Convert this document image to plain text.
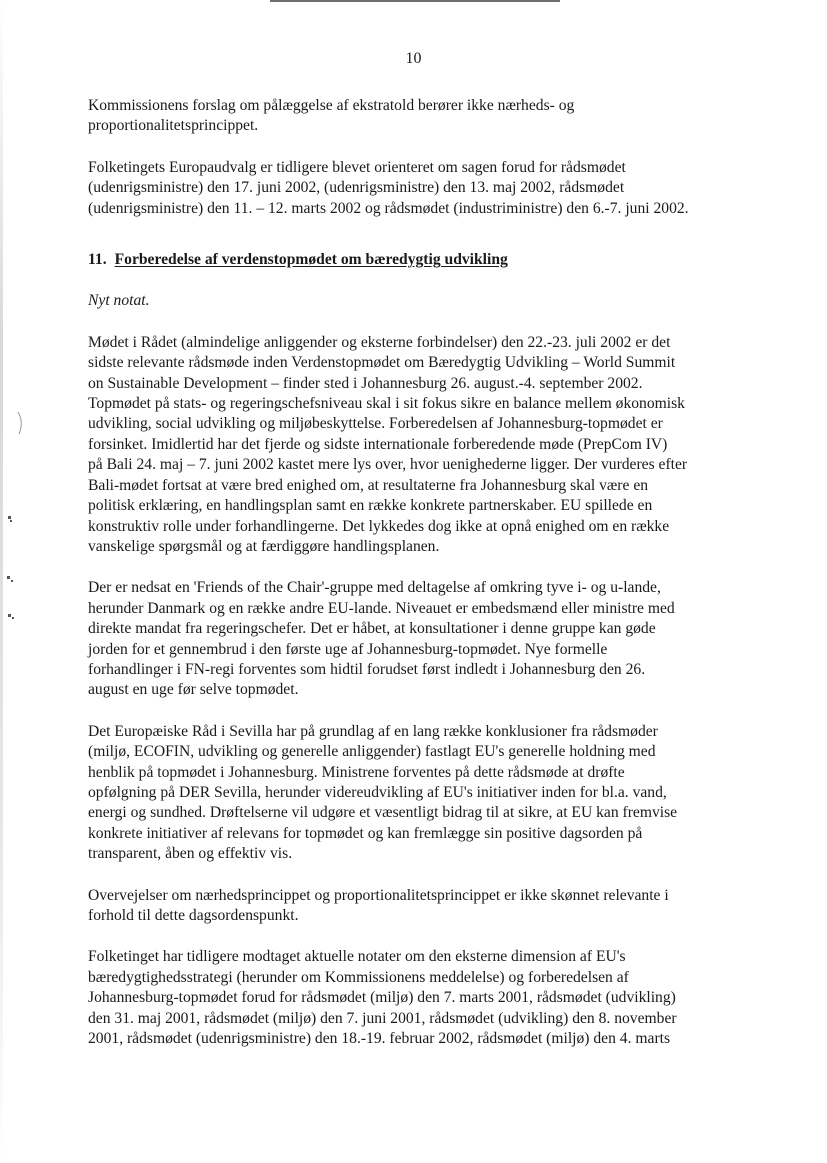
10

Kommissionens forslag om pålæggelse af ekstratold berører ikke nærheds- og
proportionalitetsprincippet.

Folketingets Europaudvalg er tidligere blevet orienteret om sagen forud for rådsmødet
(udenrigsministre) den 17. juni 2002, (udenrigsministre) den 13. maj 2002, rådsmødet
(udenrigsministre) den 11. – 12. marts 2002 og rådsmødet (industriministre) den 6.-7. juni 2002.

11. Forberedelse af verdenstopmødet om bæredygtig udvikling

Nyt notat.

Mødet i Rådet (almindelige anliggender og eksterne forbindelser) den 22.-23. juli 2002 er det
sidste relevante rådsmøde inden Verdenstopmødet om Bæredygtig Udvikling – World Summit
on Sustainable Development – finder sted i Johannesburg 26. august.-4. september 2002.
Topmødet på stats- og regeringschefsniveau skal i sit fokus sikre en balance mellem økonomisk
udvikling, social udvikling og miljøbeskyttelse. Forberedelsen af Johannesburg-topmødet er
forsinket. Imidlertid har det fjerde og sidste internationale forberedende møde (PrepCom IV)
på Bali 24. maj – 7. juni 2002 kastet mere lys over, hvor uenighederne ligger. Der vurderes efter
Bali-mødet fortsat at være bred enighed om, at resultaterne fra Johannesburg skal være en
politisk erklæring, en handlingsplan samt en række konkrete partnerskaber. EU spillede en
konstruktiv rolle under forhandlingerne. Det lykkedes dog ikke at opnå enighed om en række
vanskelige spørgsmål og at færdiggøre handlingsplanen.

Der er nedsat en 'Friends of the Chair'-gruppe med deltagelse af omkring tyve i- og u-lande,
herunder Danmark og en række andre EU-lande. Niveauet er embedsmænd eller ministre med
direkte mandat fra regeringschefer. Det er håbet, at konsultationer i denne gruppe kan gøde
jorden for et gennembrud i den første uge af Johannesburg-topmødet. Nye formelle
forhandlinger i FN-regi forventes som hidtil forudset først indledt i Johannesburg den 26.
august en uge før selve topmødet.

Det Europæiske Råd i Sevilla har på grundlag af en lang række konklusioner fra rådsmøder
(miljø, ECOFIN, udvikling og generelle anliggender) fastlagt EU's generelle holdning med
henblik på topmødet i Johannesburg. Ministrene forventes på dette rådsmøde at drøfte
opfølgning på DER Sevilla, herunder videreudvikling af EU's initiativer inden for bl.a. vand,
energi og sundhed. Drøftelserne vil udgøre et væsentligt bidrag til at sikre, at EU kan fremvise
konkrete initiativer af relevans for topmødet og kan fremlægge sin positive dagsorden på
transparent, åben og effektiv vis.

Overvejelser om nærhedsprincippet og proportionalitetsprincippet er ikke skønnet relevante i
forhold til dette dagsordenspunkt.

Folketinget har tidligere modtaget aktuelle notater om den eksterne dimension af EU's
bæredygtighedsstrategi (herunder om Kommissionens meddelelse) og forberedelsen af
Johannesburg-topmødet forud for rådsmødet (miljø) den 7. marts 2001, rådsmødet (udvikling)
den 31. maj 2001, rådsmødet (miljø) den 7. juni 2001, rådsmødet (udvikling) den 8. november
2001, rådsmødet (udenrigsministre) den 18.-19. februar 2002, rådsmødet (miljø) den 4. marts
